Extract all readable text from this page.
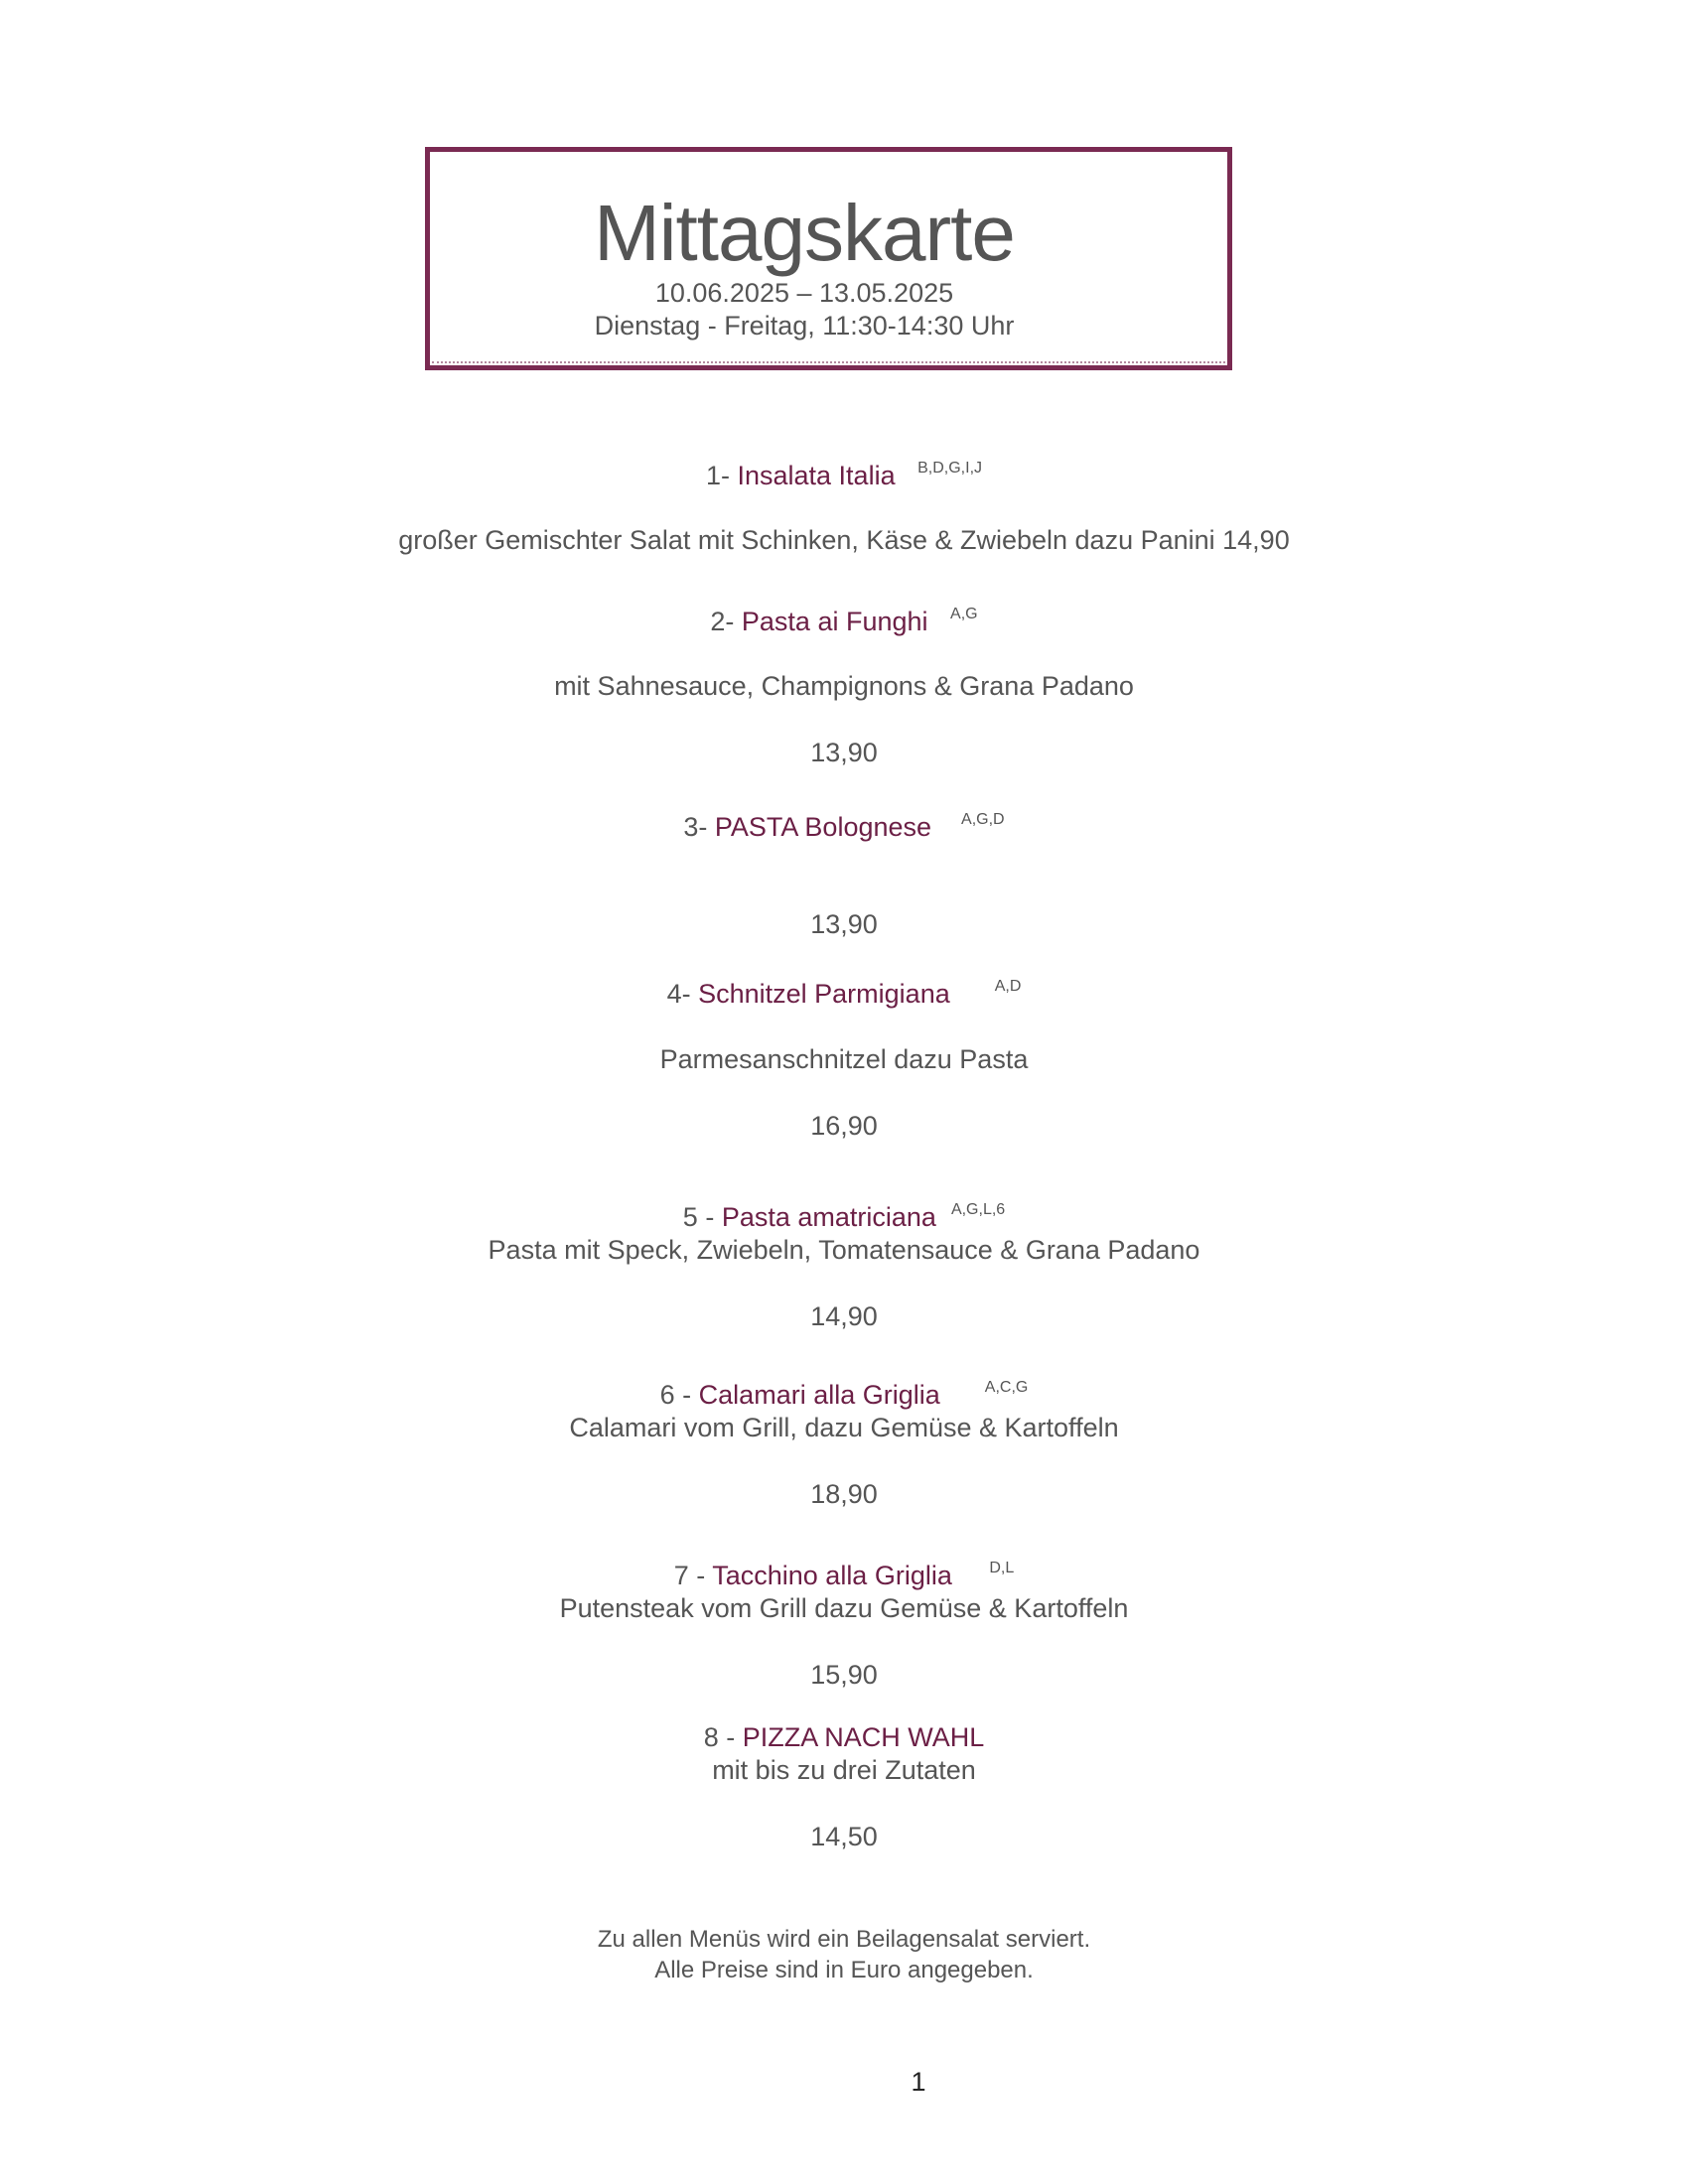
Mittagskarte
10.06.2025 – 13.05.2025
Dienstag - Freitag, 11:30-14:30 Uhr
1- Insalata Italia $^{B,D,G,I,J}$
großer Gemischter Salat mit Schinken, Käse & Zwiebeln dazu Panini 14,90
2- Pasta ai Funghi $^{A,G}$
mit Sahnesauce, Champignons & Grana Padano
13,90
3- PASTA Bolognese $^{A,G,D}$
13,90
4- Schnitzel Parmigiana	$^{A,D}$
Parmesanschnitzel dazu Pasta
16,90
5 - Pasta amatriciana $^{A,G,L,6}$
Pasta mit Speck, Zwiebeln, Tomatensauce & Grana Padano
14,90
6 - Calamari alla Griglia	$^{A,C,G}$
Calamari vom Grill, dazu Gemüse & Kartoffeln
18,90
7 - Tacchino alla Griglia $^{D,L}$
Putensteak vom Grill dazu Gemüse & Kartoffeln
15,90
8 - PIZZA NACH WAHL
mit bis zu drei Zutaten
14,50
Zu allen Menüs wird ein Beilagensalat serviert.
Alle Preise sind in Euro angegeben.
1
